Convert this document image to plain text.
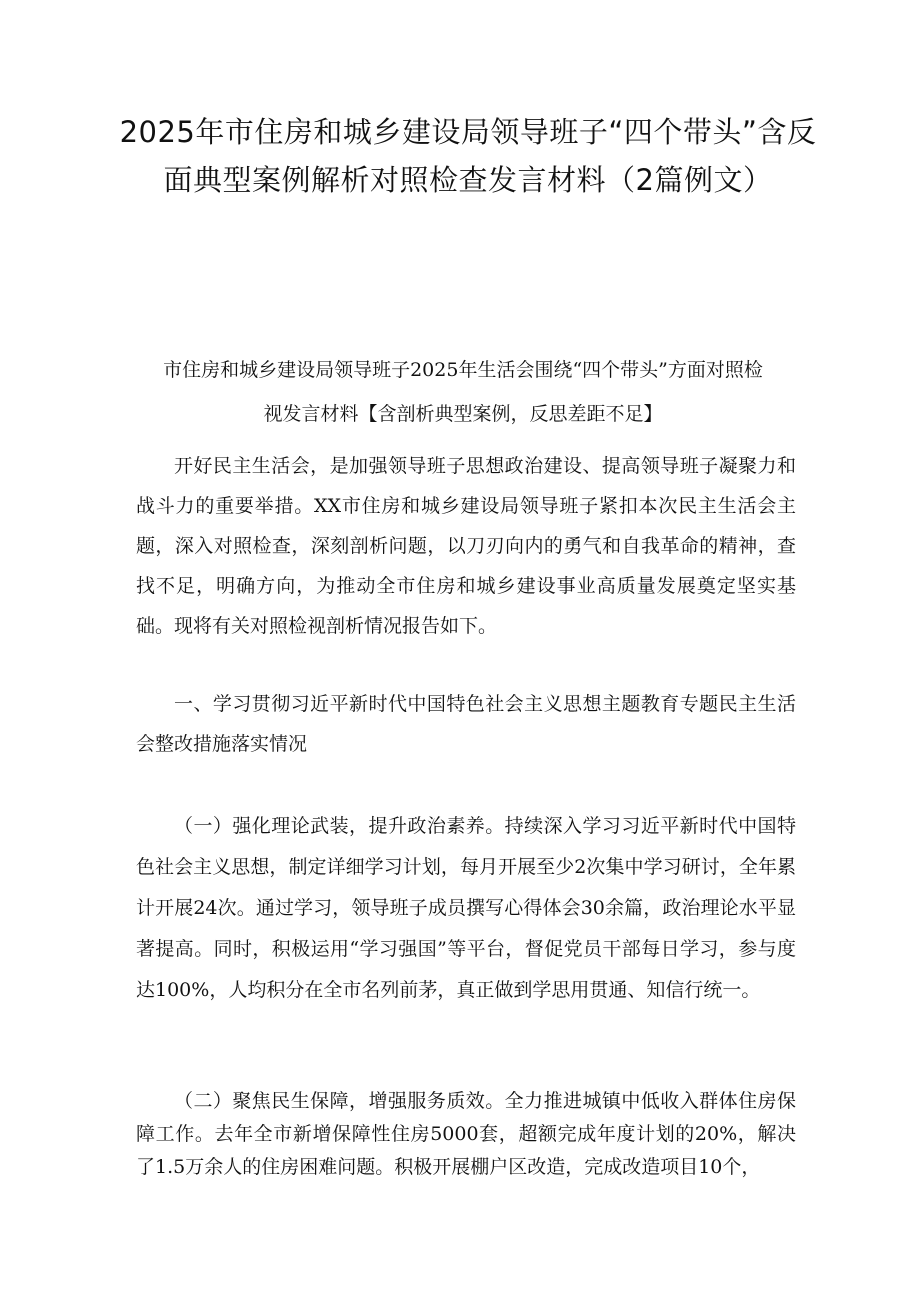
2025年市住房和城乡建设局领导班子“四个带头”含反面典型案例解析对照检查发言材料（2篇例文）
市住房和城乡建设局领导班子2025年生活会围绕“四个带头”方面对照检
视发言材料【含剖析典型案例，反思差距不足】

开好民主生活会，是加强领导班子思想政治建设、提高领导班子凝聚力和战斗力的重要举措。XX市住房和城乡建设局领导班子紧扣本次民主生活会主题，深入对照检查，深刻剖析问题，以刀刃向内的勇气和自我革命的精神，查找不足，明确方向，为推动全市住房和城乡建设事业高质量发展奠定坚实基础。现将有关对照检视剖析情况报告如下。

一、学习贯彻习近平新时代中国特色社会主义思想主题教育专题民主生活会整改措施落实情况

（一）强化理论武装，提升政治素养。持续深入学习习近平新时代中国特色社会主义思想，制定详细学习计划，每月开展至少2次集中学习研讨，全年累计开展24次。通过学习，领导班子成员撰写心得体会30余篇，政治理论水平显著提高。同时，积极运用“学习强国”等平台，督促党员干部每日学习，参与度达100%，人均积分在全市名列前茅，真正做到学思用贯通、知信行统一。

（二）聚焦民生保障，增强服务质效。全力推进城镇中低收入群体住房保障工作。去年全市新增保障性住房5000套，超额完成年度计划的20%，解决了1.5万余人的住房困难问题。积极开展棚户区改造，完成改造项目10个，
